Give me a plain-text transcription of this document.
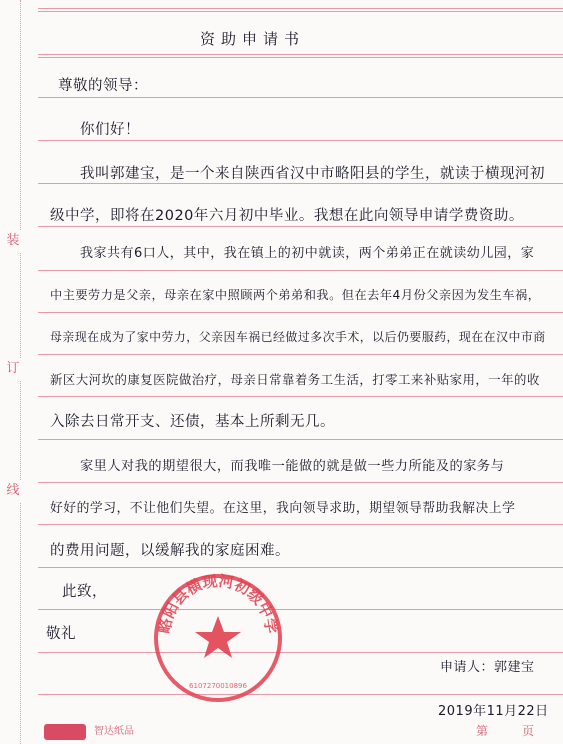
装
订
线
资助申请书
尊敬的领导：
你们好！
我叫郭建宝，是一个来自陕西省汉中市略阳县的学生，就读于横现河初
级中学，即将在2020年六月初中毕业。我想在此向领导申请学费资助。
我家共有6口人，其中，我在镇上的初中就读，两个弟弟正在就读幼儿园，家
中主要劳力是父亲，母亲在家中照顾两个弟弟和我。但在去年4月份父亲因为发生车祸，
母亲现在成为了家中劳力，父亲因车祸已经做过多次手术，以后仍要服药，现在在汉中市商
新区大河坎的康复医院做治疗，母亲日常靠着务工生活，打零工来补贴家用，一年的收
入除去日常开支、还债，基本上所剩无几。
家里人对我的期望很大，而我唯一能做的就是做一些力所能及的家务与
好好的学习，不让他们失望。在这里，我向领导求助，期望领导帮助我解决上学
的费用问题，以缓解我的家庭困难。
此致，
敬礼	略阳县横现河初级中学
6107270010896
申请人：郭建宝
2019年11月22日
智达纸品	第	页
